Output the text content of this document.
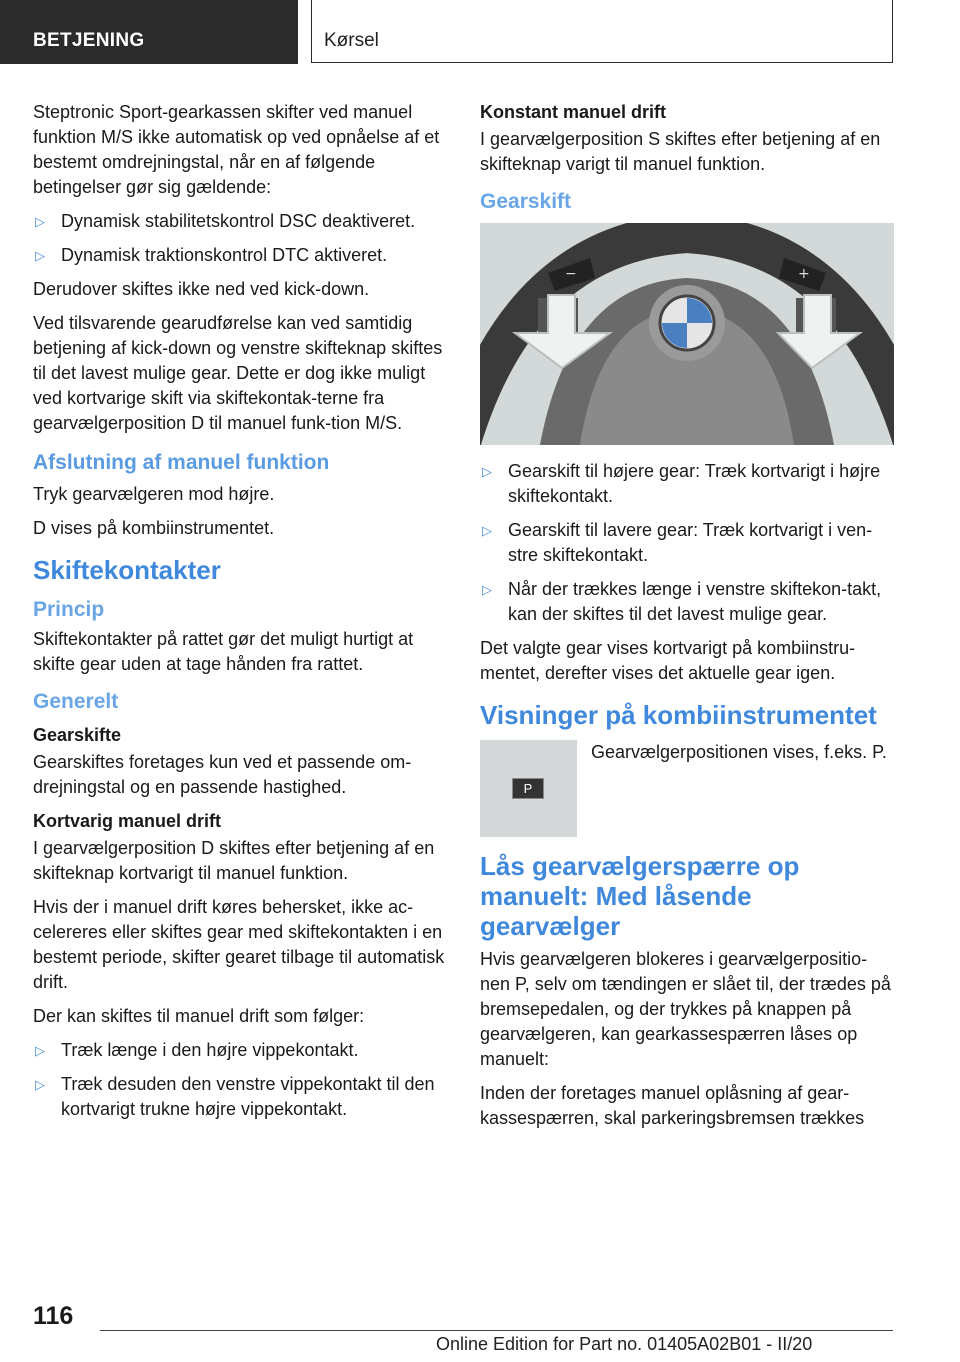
BETJENING	Kørsel

Steptronic Sport-gearkassen skifter ved manuel funktion M/S ikke automatisk op ved opnåelse af et bestemt omdrejningstal, når en af følgende betingelser gør sig gældende:

▷ Dynamisk stabilitetskontrol DSC deaktiveret.
▷ Dynamisk traktionskontrol DTC aktiveret.

Derudover skiftes ikke ned ved kick-down.

Ved tilsvarende gearudførelse kan ved samtidig betjening af kick-down og venstre skifteknap skiftes til det lavest mulige gear. Dette er dog ikke muligt ved kortvarige skift via skiftekontak-terne fra gearvælgerposition D til manuel funk-tion M/S.

Afslutning af manuel funktion

Tryk gearvælgeren mod højre.

D vises på kombiinstrumentet.

Skiftekontakter
Princip

Skiftekontakter på rattet gør det muligt hurtigt at skifte gear uden at tage hånden fra rattet.

Generelt
Gearskifte

Gearskiftes foretages kun ved et passende om-drejningstal og en passende hastighed.

Kortvarig manuel drift

I gearvælgerposition D skiftes efter betjening af en skifteknap kortvarigt til manuel funktion.

Hvis der i manuel drift køres behersket, ikke ac-celereres eller skiftes gear med skiftekontakten i en bestemt periode, skifter gearet tilbage til automatisk drift.

Der kan skiftes til manuel drift som følger:

▷ Træk længe i den højre vippekontakt.
▷ Træk desuden den venstre vippekontakt til den kortvarigt trukne højre vippekontakt.
Konstant manuel drift

I gearvælgerposition S skiftes efter betjening af en skifteknap varigt til manuel funktion.

Gearskift
−	+
▷ Gearskift til højere gear: Træk kortvarigt i højre skiftekontakt.
▷ Gearskift til lavere gear: Træk kortvarigt i ven-stre skiftekontakt.
▷ Når der trækkes længe i venstre skiftekon-takt, kan der skiftes til det lavest mulige gear.

Det valgte gear vises kortvarigt på kombiinstru-mentet, derefter vises det aktuelle gear igen.

Visninger på kombiinstrumentet
P
Gearvælgerpositionen vises, f.eks. P.
Lås gearvælgerspærre op manuelt: Med låsende gearvælger

Hvis gearvælgeren blokeres i gearvælgerpositio-nen P, selv om tændingen er slået til, der trædes på bremsepedalen, og der trykkes på knappen på gearvælgeren, kan gearkassespærren låses op manuelt:

Inden der foretages manuel oplåsning af gear-kassespærren, skal parkeringsbremsen trækkes

116
Online Edition for Part no. 01405A02B01 - II/20
